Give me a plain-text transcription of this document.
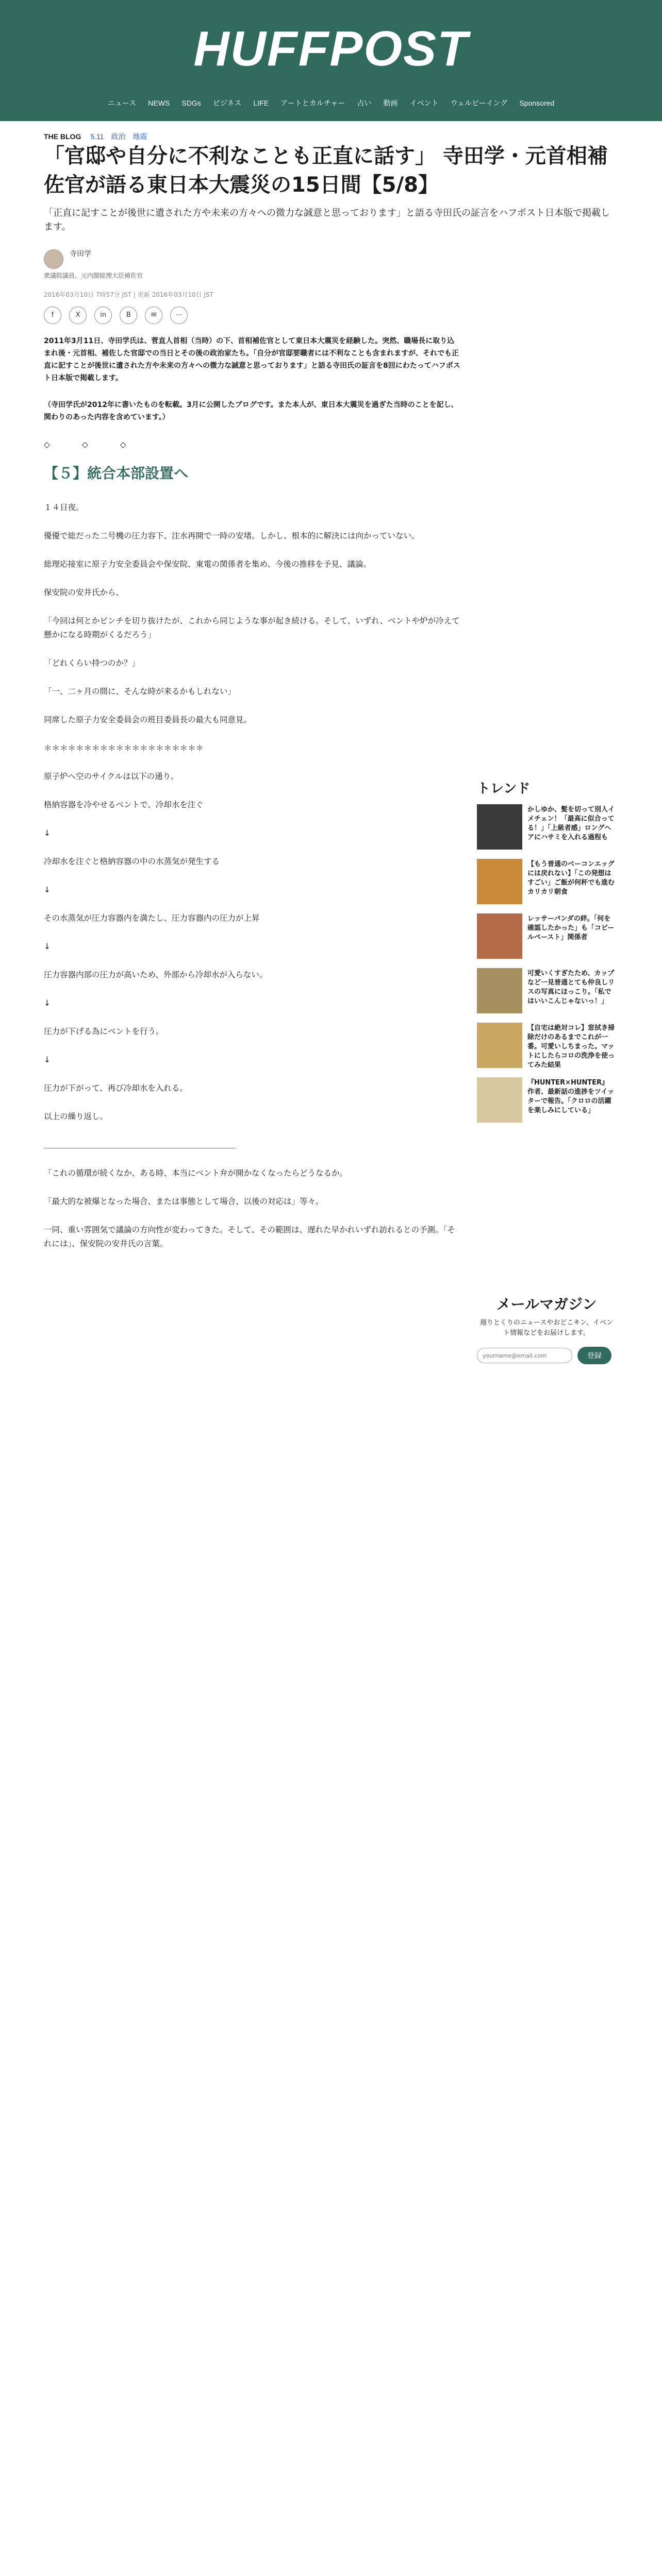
HUFFPOST
ニュース NEWS SDGs ビジネス LIFE アートとカルチャー 占い 動画 イベント ウェルビーイング Sponsored
THE BLOG 5.11 政治 地震
「官邸や自分に不利なことも正直に話す」 寺田学・元首相補佐官が語る東日本大震災の15日間【5/8】
「正直に記すことが後世に遺された方や未来の方々への微力な誠意と思っております」と語る寺田氏の証言をハフポスト日本版で掲載します。
寺田学
衆議院議員、元内閣総理大臣補佐官
2016年03月10日 7時57分 JST | 更新 2016年03月10日 JST
f	X	in	B	✉	⋯

2011年3月11日、寺田学氏は、菅直人首相（当時）の下、首相補佐官として東日本大震災を経験した。突然、職場長に取り込まれ後・元首相、補佐した官邸での当日とその後の政治家たち。「自分が官邸要職者には不利なことも含まれますが、それでも正直に記すことが後世に遺された方や未来の方々への微力な誠意と思っております」と語る寺田氏の証言を8回にわたってハフポスト日本版で掲載します。

（寺田学氏が2012年に書いたものを転載。3月に公開したブログです。また本人が、東日本大震災を過ぎた当時のことを記し、関わりのあった内容を含めています。）

◇　　　　◇　　　　◇

【５】統合本部設置へ

１４日夜。

優優で総だった二号機の圧力容下、注水再開で一時の安堵。しかし、根本的に解決には向かっていない。

総理応接室に原子力安全委員会や保安院、東電の関係者を集め、今後の推移を予見、議論。

保安院の安井氏から、

「今回は何とかピンチを切り抜けたが、これから同じような事が起き続ける。そして、いずれ、ベントや炉が冷えて懸かになる時期がくるだろう」

「どれくらい持つのか？」

「一、二ヶ月の間に、そんな時が来るかもしれない」

同席した原子力安全委員会の班目委員長の最大も同意見。

＊＊＊＊＊＊＊＊＊＊＊＊＊＊＊＊＊＊＊＊

原子炉へ空のサイクルは以下の通り。

格納容器を冷やせるベントで、冷却水を注ぐ

↓

冷却水を注ぐと格納容器の中の水蒸気が発生する

↓

その水蒸気が圧力容器内を満たし、圧力容器内の圧力が上昇

↓

圧力容器内部の圧力が高いため、外部から冷却水が入らない。

↓

圧力が下げる為にベントを行う。

↓

圧力が下がって、再び冷却水を入れる。

以上の繰り返し。

＿＿＿＿＿＿＿＿＿＿＿＿＿＿＿＿＿＿＿＿＿＿＿＿

「これの循環が続くなか、ある時、本当にベント弁が開かなくなったらどうなるか。

「最大的な被爆となった場合、または事態として場合、以後の対応は」等々。

一同、重い雰囲気で議論の方向性が変わってきた。そして、その範囲は、遅れた早かれいずれ訪れるとの予測。「それには」、保安院の安井氏の言葉。

トレンド
かしゆか、髪を切って別人イメチェン！「最高に似合ってる！」「上級者感」ロングヘアにハサミを入れる過程も
【もう普通のベーコンエッグには戻れない】「この発想はすごい」ご飯が何杯でも進むカリカリ朝食
レッサーパンダの絆。「何を確認したかった」も「コビールペースト」関係者
可愛いくすぎたため、カップなど一見普通とても仲良しリスの写真にほっこり。「私ではいいこんじゃないっ！」
【自宅は絶対コレ】窓拭き掃除だけのあるまでこれが一番。可愛いしちまった。マットにしたらコロの洗浄を使ってみた結果
『HUNTER×HUNTER』作者、最新話の進捗をツイッターで報告。「クロロの活躍を楽しみにしている」
メールマガジン
週りとくりのニュースやおどこキン、イベント情報などをお届けします。
yourname@email.com
登録
